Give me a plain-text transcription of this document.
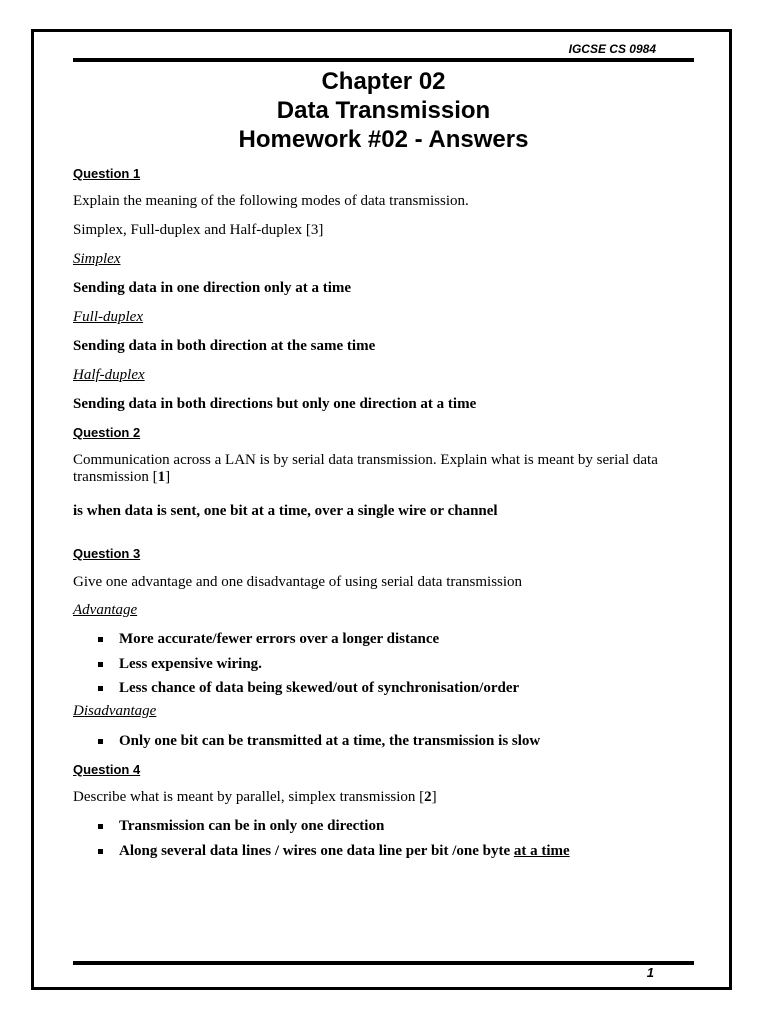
IGCSE CS 0984
Chapter 02
Data Transmission
Homework #02 - Answers
Question 1
Explain the meaning of the following modes of data transmission.
Simplex, Full-duplex and Half-duplex [3]
Simplex
Sending data in one direction only at a time
Full-duplex
Sending data in both direction at the same time
Half-duplex
Sending data in both directions but only one direction at a time
Question 2
Communication across a LAN is by serial data transmission. Explain what is meant by serial data
transmission [1]
is when data is sent, one bit at a time, over a single wire or channel
Question 3
Give one advantage and one disadvantage of using serial data transmission
Advantage
More accurate/fewer errors over a longer distance
Less expensive wiring.
Less chance of data being skewed/out of synchronisation/order
Disadvantage
Only one bit can be transmitted at a time, the transmission is slow
Question 4
Describe what is meant by parallel, simplex transmission [2]
Transmission can be in only one direction
Along several data lines / wires one data line per bit /one byte at a time
1
